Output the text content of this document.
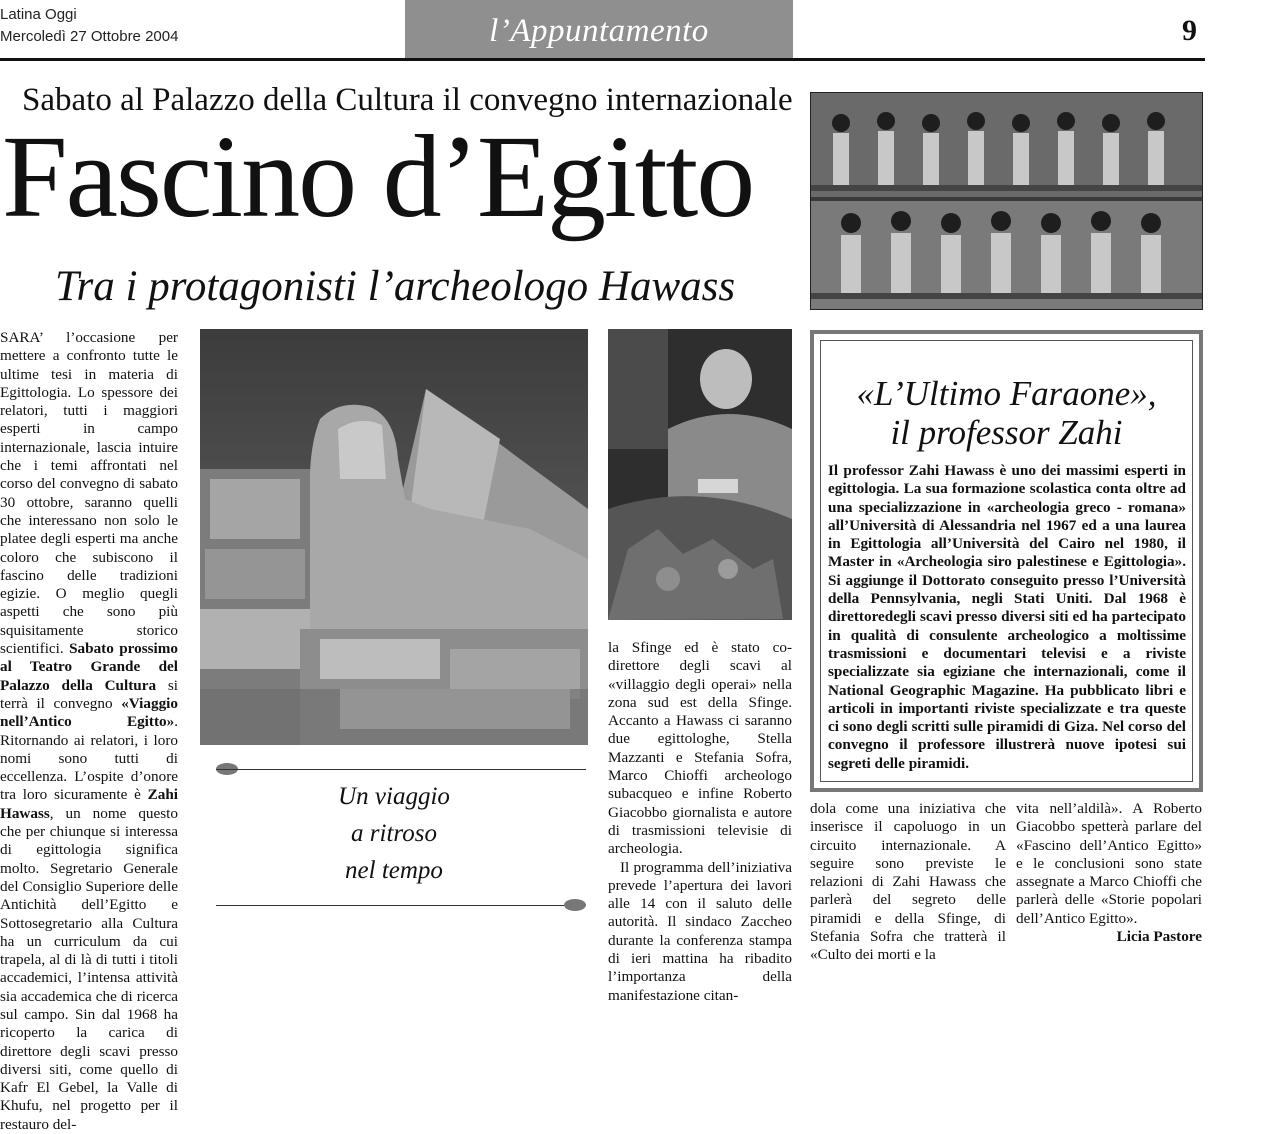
Latina Oggi
Mercoledì 27 Ottobre 2004	l’Appuntamento	9
Sabato al Palazzo della Cultura il convegno internazionale
Fascino d’Egitto
Tra i protagonisti l’archeologo Hawass

SARA’ l’occasione per mettere a confronto tutte le ultime tesi in materia di Egittologia. Lo spessore dei relatori, tutti i maggiori esperti in campo internazionale, lascia intuire che i temi affrontati nel corso del convegno di sabato 30 ottobre, saranno quelli che interessano non solo le platee degli esperti ma anche coloro che subiscono il fascino delle tradizioni egizie. O meglio quegli aspetti che sono più squisitamente storico scientifici. Sabato prossimo al Teatro Grande del Palazzo della Cultura si terrà il convegno «Viaggio nell’Antico Egitto». Ritornando ai relatori, i loro nomi sono tutti di eccellenza. L’ospite d’onore tra loro sicuramente è Zahi Hawass, un nome questo che per chiunque si interessa di egittologia significa molto. Segretario Generale del Consiglio Superiore delle Antichità dell’Egitto e Sottosegretario alla Cultura ha un curriculum da cui trapela, al di là di tutti i titoli accademici, l’intensa attività sia accademica che di ricerca sul campo. Sin dal 1968 ha ricoperto la carica di direttore degli scavi presso diversi siti, come quello di Kafr El Gebel, la Valle di Khufu, nel progetto per il restauro del-

la Sfinge ed è stato co- direttore degli scavi al «villaggio degli operai» nella zona sud est della Sfinge. Accanto a Hawass ci saranno due egittologhe, Stella Mazzanti e Stefania Sofra, Marco Chioffi archeologo subacqueo e infine Roberto Giacobbo giornalista e autore di trasmissioni televisie di archeologia.

Il programma dell’iniziativa prevede l’apertura dei lavori alle 14 con il saluto delle autorità. Il sindaco Zaccheo durante la conferenza stampa di ieri mattina ha ribadito l’importanza della manifestazione citan-

Un viaggio
a ritroso
nel tempo
«L’Ultimo Faraone»,
il professor Zahi
Il professor Zahi Hawass è uno dei massimi esperti in egittologia. La sua formazione scolastica conta oltre ad una specializzazione in «archeologia greco - romana» all’Università di Alessandria nel 1967 ed a una laurea in Egittologia all’Università del Cairo nel 1980, il Master in «Archeologia siro palestinese e Egittologia». Si aggiunge il Dottorato conseguito presso l’Università della Pennsylvania, negli Stati Uniti. Dal 1968 è direttoredegli scavi presso diversi siti ed ha partecipato in qualità di consulente archeologico a moltissime trasmissioni e documentari televisi e a riviste specializzate sia egiziane che internazionali, come il National Geographic Magazine. Ha pubblicato libri e articoli in importanti riviste specializzate e tra queste ci sono degli scritti sulle piramidi di Giza. Nel corso del convegno il professore illustrerà nuove ipotesi sui segreti delle piramidi.
dola come una iniziativa che inserisce il capoluogo in un circuito internazionale. A seguire sono previste le relazioni di Zahi Hawass che parlerà del segreto delle piramidi e della Sfinge, di Stefania Sofra che tratterà il «Culto dei morti e la

vita nell’aldilà». A Roberto Giacobbo spetterà parlare del «Fascino dell’Antico Egitto» e le conclusioni sono state assegnate a Marco Chioffi che parlerà delle «Storie popolari dell’Antico Egitto».

Licia Pastore
